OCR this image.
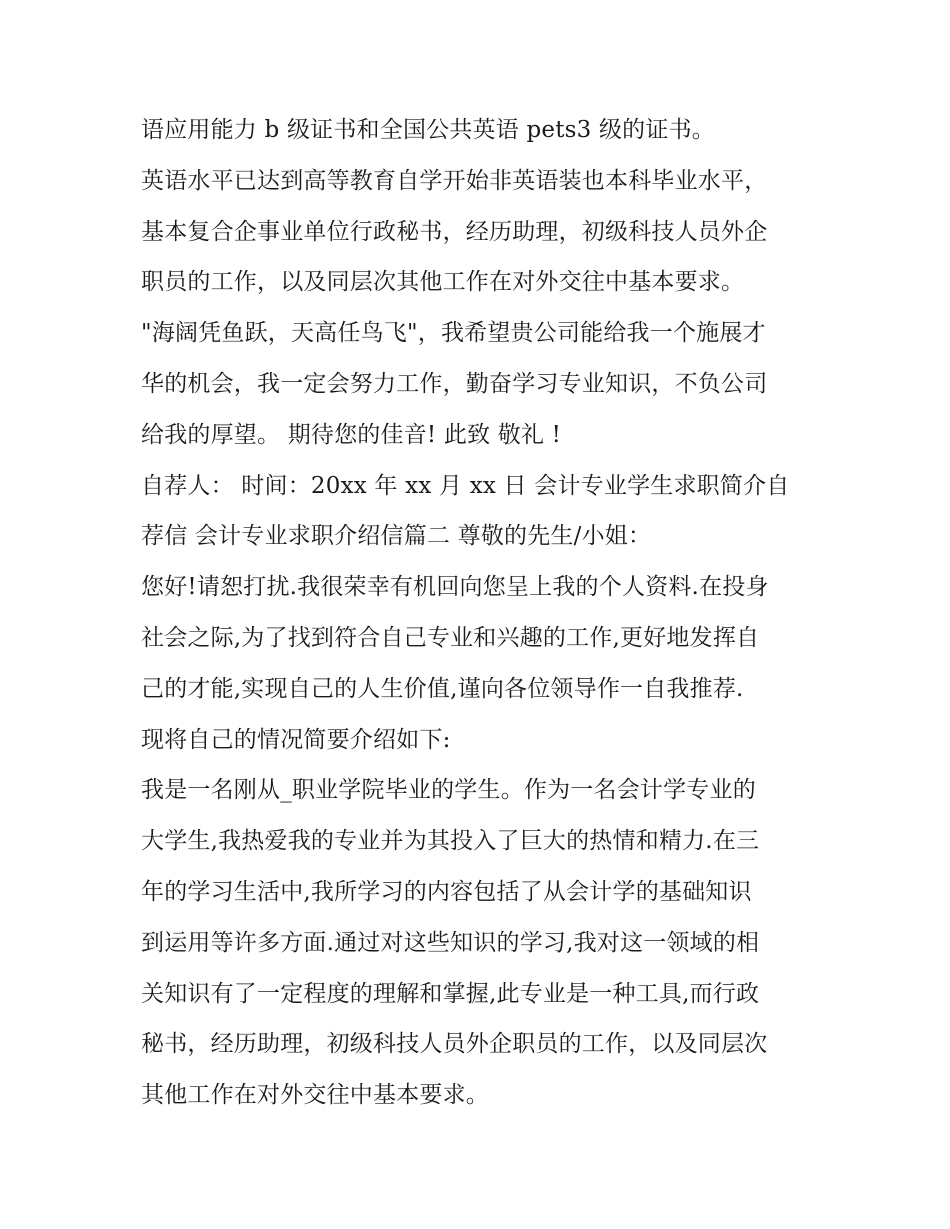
语应用能力 b 级证书和全国公共英语 pets3 级的证书。
英语水平已达到高等教育自学开始非英语装也本科毕业水平，
基本复合企事业单位行政秘书，经历助理，初级科技人员外企
职员的工作，以及同层次其他工作在对外交往中基本要求。
"海阔凭鱼跃，天高任鸟飞"，我希望贵公司能给我一个施展才
华的机会，我一定会努力工作，勤奋学习专业知识，不负公司
给我的厚望。 期待您的佳音! 此致 敬礼 !
自荐人： 时间：20xx 年 xx 月 xx 日 会计专业学生求职简介自
荐信 会计专业求职介绍信篇二 尊敬的先生/小姐：
您好!请恕打扰.我很荣幸有机回向您呈上我的个人资料.在投身
社会之际,为了找到符合自己专业和兴趣的工作,更好地发挥自
己的才能,实现自己的人生价值,谨向各位领导作一自我推荐.
现将自己的情况简要介绍如下:
我是一名刚从_职业学院毕业的学生。作为一名会计学专业的
大学生,我热爱我的专业并为其投入了巨大的热情和精力.在三
年的学习生活中,我所学习的内容包括了从会计学的基础知识
到运用等许多方面.通过对这些知识的学习,我对这一领域的相
关知识有了一定程度的理解和掌握,此专业是一种工具,而行政
秘书，经历助理，初级科技人员外企职员的工作，以及同层次
其他工作在对外交往中基本要求。
